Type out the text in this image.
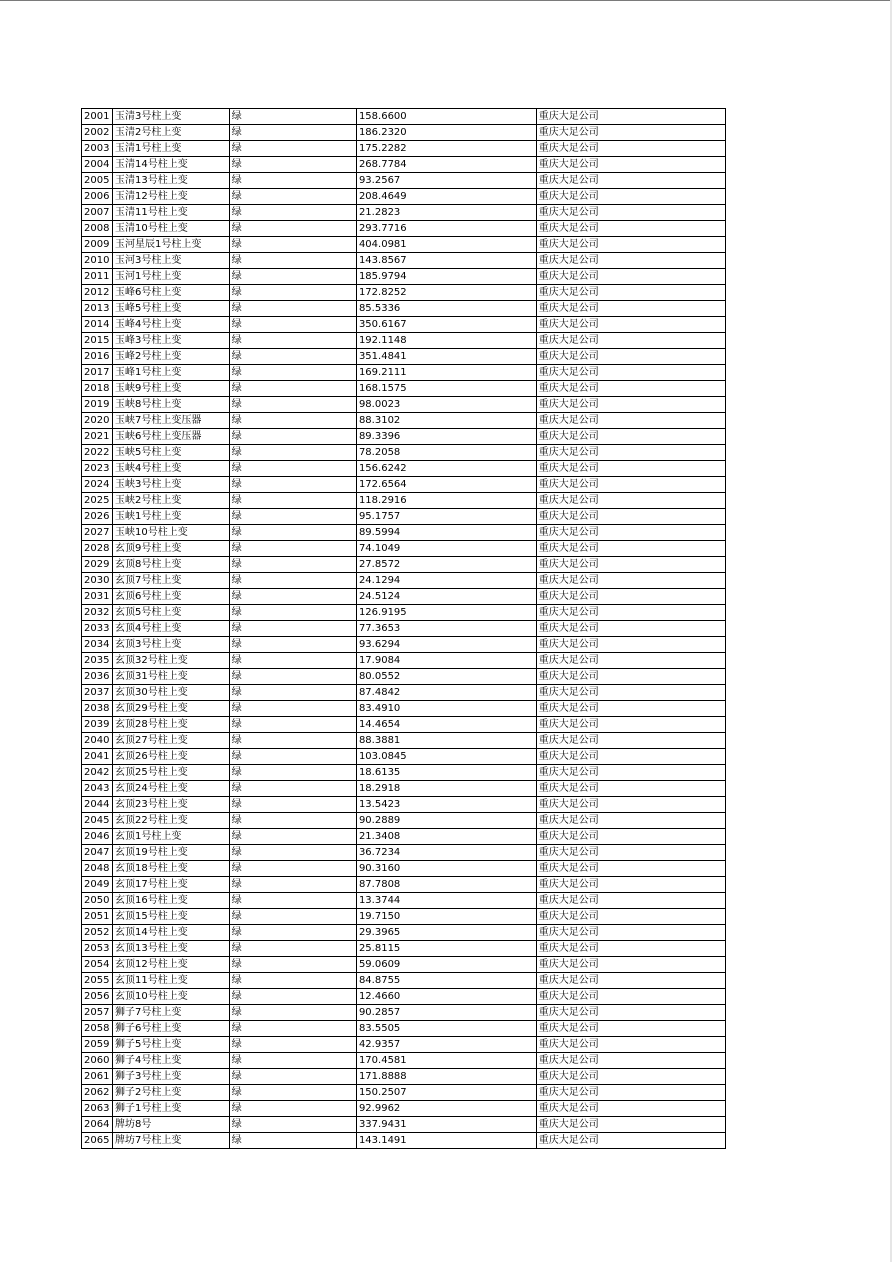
2001	玉清3号柱上变	绿	158.6600	重庆大足公司
2002	玉清2号柱上变	绿	186.2320	重庆大足公司
2003	玉清1号柱上变	绿	175.2282	重庆大足公司
2004	玉清14号柱上变	绿	268.7784	重庆大足公司
2005	玉清13号柱上变	绿	93.2567	重庆大足公司
2006	玉清12号柱上变	绿	208.4649	重庆大足公司
2007	玉清11号柱上变	绿	21.2823	重庆大足公司
2008	玉清10号柱上变	绿	293.7716	重庆大足公司
2009	玉河星辰1号柱上变	绿	404.0981	重庆大足公司
2010	玉河3号柱上变	绿	143.8567	重庆大足公司
2011	玉河1号柱上变	绿	185.9794	重庆大足公司
2012	玉峰6号柱上变	绿	172.8252	重庆大足公司
2013	玉峰5号柱上变	绿	85.5336	重庆大足公司
2014	玉峰4号柱上变	绿	350.6167	重庆大足公司
2015	玉峰3号柱上变	绿	192.1148	重庆大足公司
2016	玉峰2号柱上变	绿	351.4841	重庆大足公司
2017	玉峰1号柱上变	绿	169.2111	重庆大足公司
2018	玉峡9号柱上变	绿	168.1575	重庆大足公司
2019	玉峡8号柱上变	绿	98.0023	重庆大足公司
2020	玉峡7号柱上变压器	绿	88.3102	重庆大足公司
2021	玉峡6号柱上变压器	绿	89.3396	重庆大足公司
2022	玉峡5号柱上变	绿	78.2058	重庆大足公司
2023	玉峡4号柱上变	绿	156.6242	重庆大足公司
2024	玉峡3号柱上变	绿	172.6564	重庆大足公司
2025	玉峡2号柱上变	绿	118.2916	重庆大足公司
2026	玉峡1号柱上变	绿	95.1757	重庆大足公司
2027	玉峡10号柱上变	绿	89.5994	重庆大足公司
2028	玄顶9号柱上变	绿	74.1049	重庆大足公司
2029	玄顶8号柱上变	绿	27.8572	重庆大足公司
2030	玄顶7号柱上变	绿	24.1294	重庆大足公司
2031	玄顶6号柱上变	绿	24.5124	重庆大足公司
2032	玄顶5号柱上变	绿	126.9195	重庆大足公司
2033	玄顶4号柱上变	绿	77.3653	重庆大足公司
2034	玄顶3号柱上变	绿	93.6294	重庆大足公司
2035	玄顶32号柱上变	绿	17.9084	重庆大足公司
2036	玄顶31号柱上变	绿	80.0552	重庆大足公司
2037	玄顶30号柱上变	绿	87.4842	重庆大足公司
2038	玄顶29号柱上变	绿	83.4910	重庆大足公司
2039	玄顶28号柱上变	绿	14.4654	重庆大足公司
2040	玄顶27号柱上变	绿	88.3881	重庆大足公司
2041	玄顶26号柱上变	绿	103.0845	重庆大足公司
2042	玄顶25号柱上变	绿	18.6135	重庆大足公司
2043	玄顶24号柱上变	绿	18.2918	重庆大足公司
2044	玄顶23号柱上变	绿	13.5423	重庆大足公司
2045	玄顶22号柱上变	绿	90.2889	重庆大足公司
2046	玄顶1号柱上变	绿	21.3408	重庆大足公司
2047	玄顶19号柱上变	绿	36.7234	重庆大足公司
2048	玄顶18号柱上变	绿	90.3160	重庆大足公司
2049	玄顶17号柱上变	绿	87.7808	重庆大足公司
2050	玄顶16号柱上变	绿	13.3744	重庆大足公司
2051	玄顶15号柱上变	绿	19.7150	重庆大足公司
2052	玄顶14号柱上变	绿	29.3965	重庆大足公司
2053	玄顶13号柱上变	绿	25.8115	重庆大足公司
2054	玄顶12号柱上变	绿	59.0609	重庆大足公司
2055	玄顶11号柱上变	绿	84.8755	重庆大足公司
2056	玄顶10号柱上变	绿	12.4660	重庆大足公司
2057	狮子7号柱上变	绿	90.2857	重庆大足公司
2058	狮子6号柱上变	绿	83.5505	重庆大足公司
2059	狮子5号柱上变	绿	42.9357	重庆大足公司
2060	狮子4号柱上变	绿	170.4581	重庆大足公司
2061	狮子3号柱上变	绿	171.8888	重庆大足公司
2062	狮子2号柱上变	绿	150.2507	重庆大足公司
2063	狮子1号柱上变	绿	92.9962	重庆大足公司
2064	牌坊8号	绿	337.9431	重庆大足公司
2065	牌坊7号柱上变	绿	143.1491	重庆大足公司
